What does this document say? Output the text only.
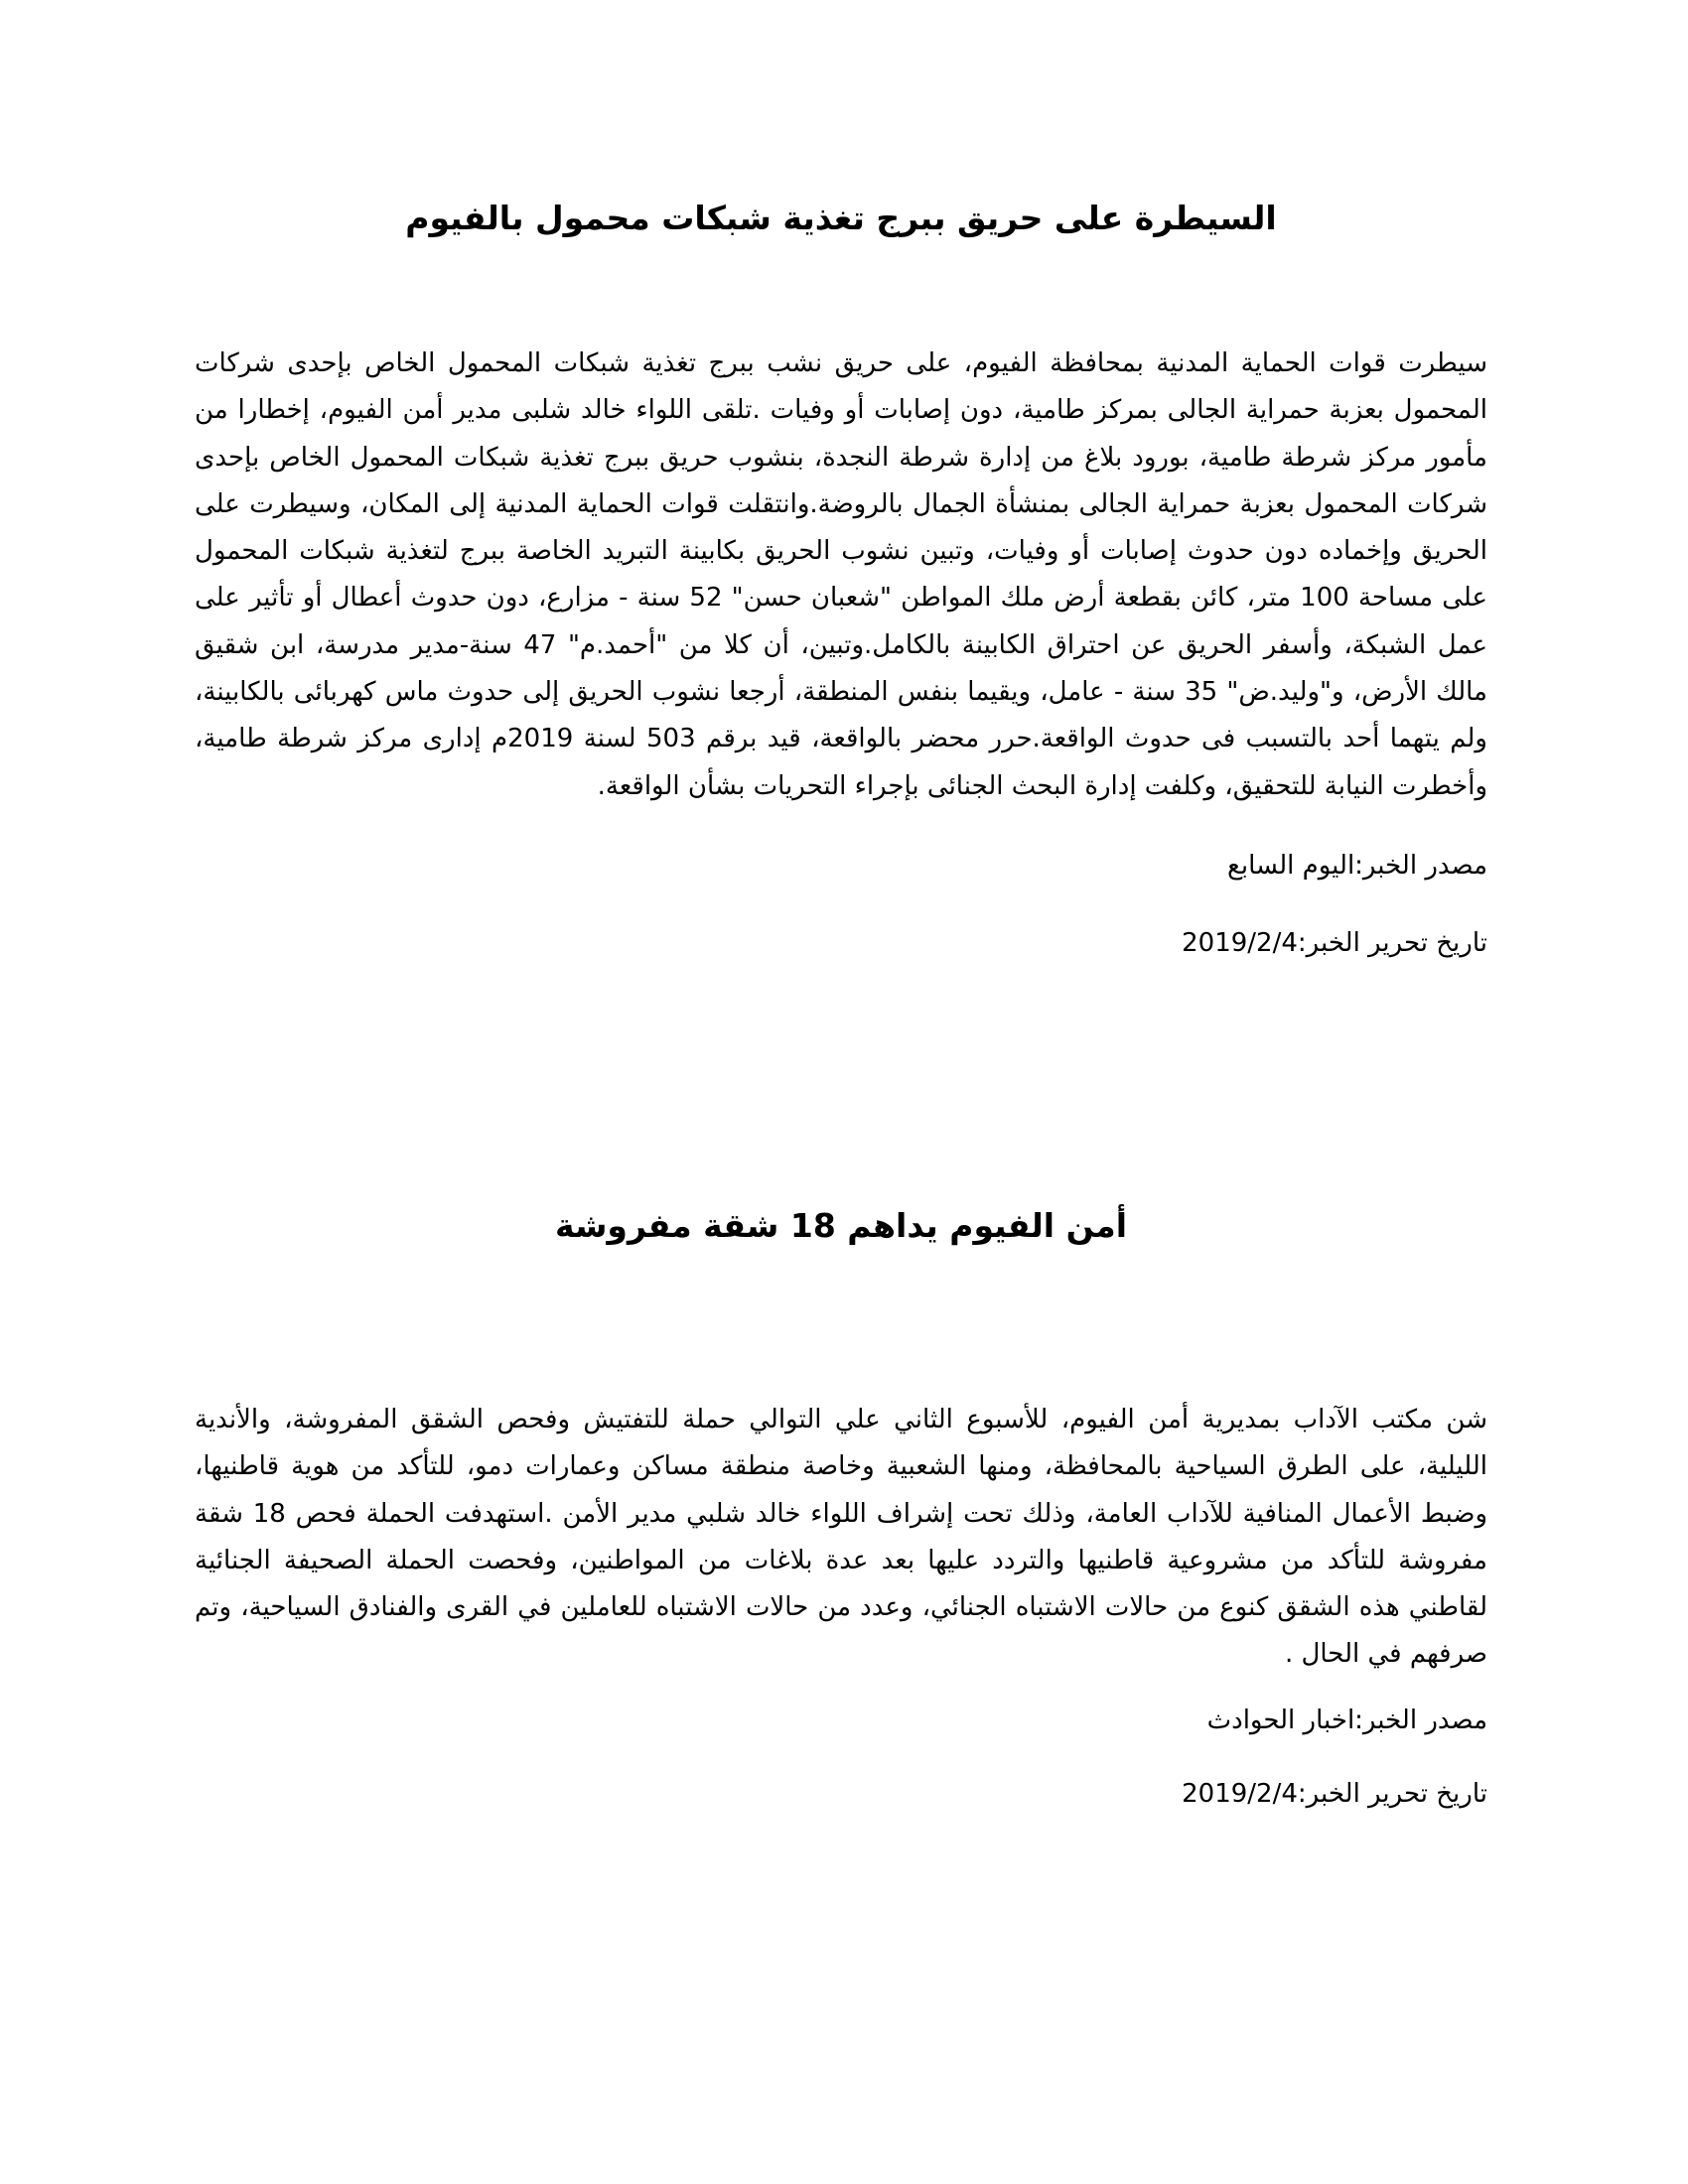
السيطرة على حريق ببرج تغذية شبكات محمول بالفيوم

سيطرت قوات الحماية المدنية بمحافظة الفيوم، على حريق نشب ببرج تغذية شبكات المحمول الخاص بإحدى شركات المحمول بعزبة حمراية الجالى بمركز طامية، دون إصابات أو وفيات .تلقى اللواء خالد شلبى مدير أمن الفيوم، إخطارا من مأمور مركز شرطة طامية، بورود بلاغ من إدارة شرطة النجدة، بنشوب حريق ببرج تغذية شبكات المحمول الخاص بإحدى شركات المحمول بعزبة حمراية الجالى بمنشأة الجمال بالروضة.وانتقلت قوات الحماية المدنية إلى المكان، وسيطرت على الحريق وإخماده دون حدوث إصابات أو وفيات، وتبين نشوب الحريق بكابينة التبريد الخاصة ببرج لتغذية شبكات المحمول على مساحة 100 متر، كائن بقطعة أرض ملك المواطن "شعبان حسن" 52 سنة - مزارع، دون حدوث أعطال أو تأثير على عمل الشبكة، وأسفر الحريق عن احتراق الكابينة بالكامل.وتبين، أن كلا من "أحمد.م" 47 سنة-مدير مدرسة، ابن شقيق مالك الأرض، و"وليد.ض" 35 سنة - عامل، ويقيما بنفس المنطقة، أرجعا نشوب الحريق إلى حدوث ماس كهربائى بالكابينة، ولم يتهما أحد بالتسبب فى حدوث الواقعة.حرر محضر بالواقعة، قيد برقم 503 لسنة 2019م إدارى مركز شرطة طامية، وأخطرت النيابة للتحقيق، وكلفت إدارة البحث الجنائى بإجراء التحريات بشأن الواقعة.

مصدر الخبر:اليوم السابع

تاريخ تحرير الخبر:2019/2/4

أمن الفيوم يداهم 18 شقة مفروشة

شن مكتب الآداب بمديرية أمن الفيوم، للأسبوع الثاني علي التوالي حملة للتفتيش وفحص الشقق المفروشة، والأندية الليلية، على الطرق السياحية بالمحافظة، ومنها الشعبية وخاصة منطقة مساكن وعمارات دمو، للتأكد من هوية قاطنيها، وضبط الأعمال المنافية للآداب العامة، وذلك تحت إشراف اللواء خالد شلبي مدير الأمن .استهدفت الحملة فحص 18 شقة مفروشة للتأكد من مشروعية قاطنيها والتردد عليها بعد عدة بلاغات من المواطنين، وفحصت الحملة الصحيفة الجنائية لقاطني هذه الشقق كنوع من حالات الاشتباه الجنائي، وعدد من حالات الاشتباه للعاملين في القرى والفنادق السياحية، وتم صرفهم في الحال .

مصدر الخبر:اخبار الحوادث

تاريخ تحرير الخبر:2019/2/4
